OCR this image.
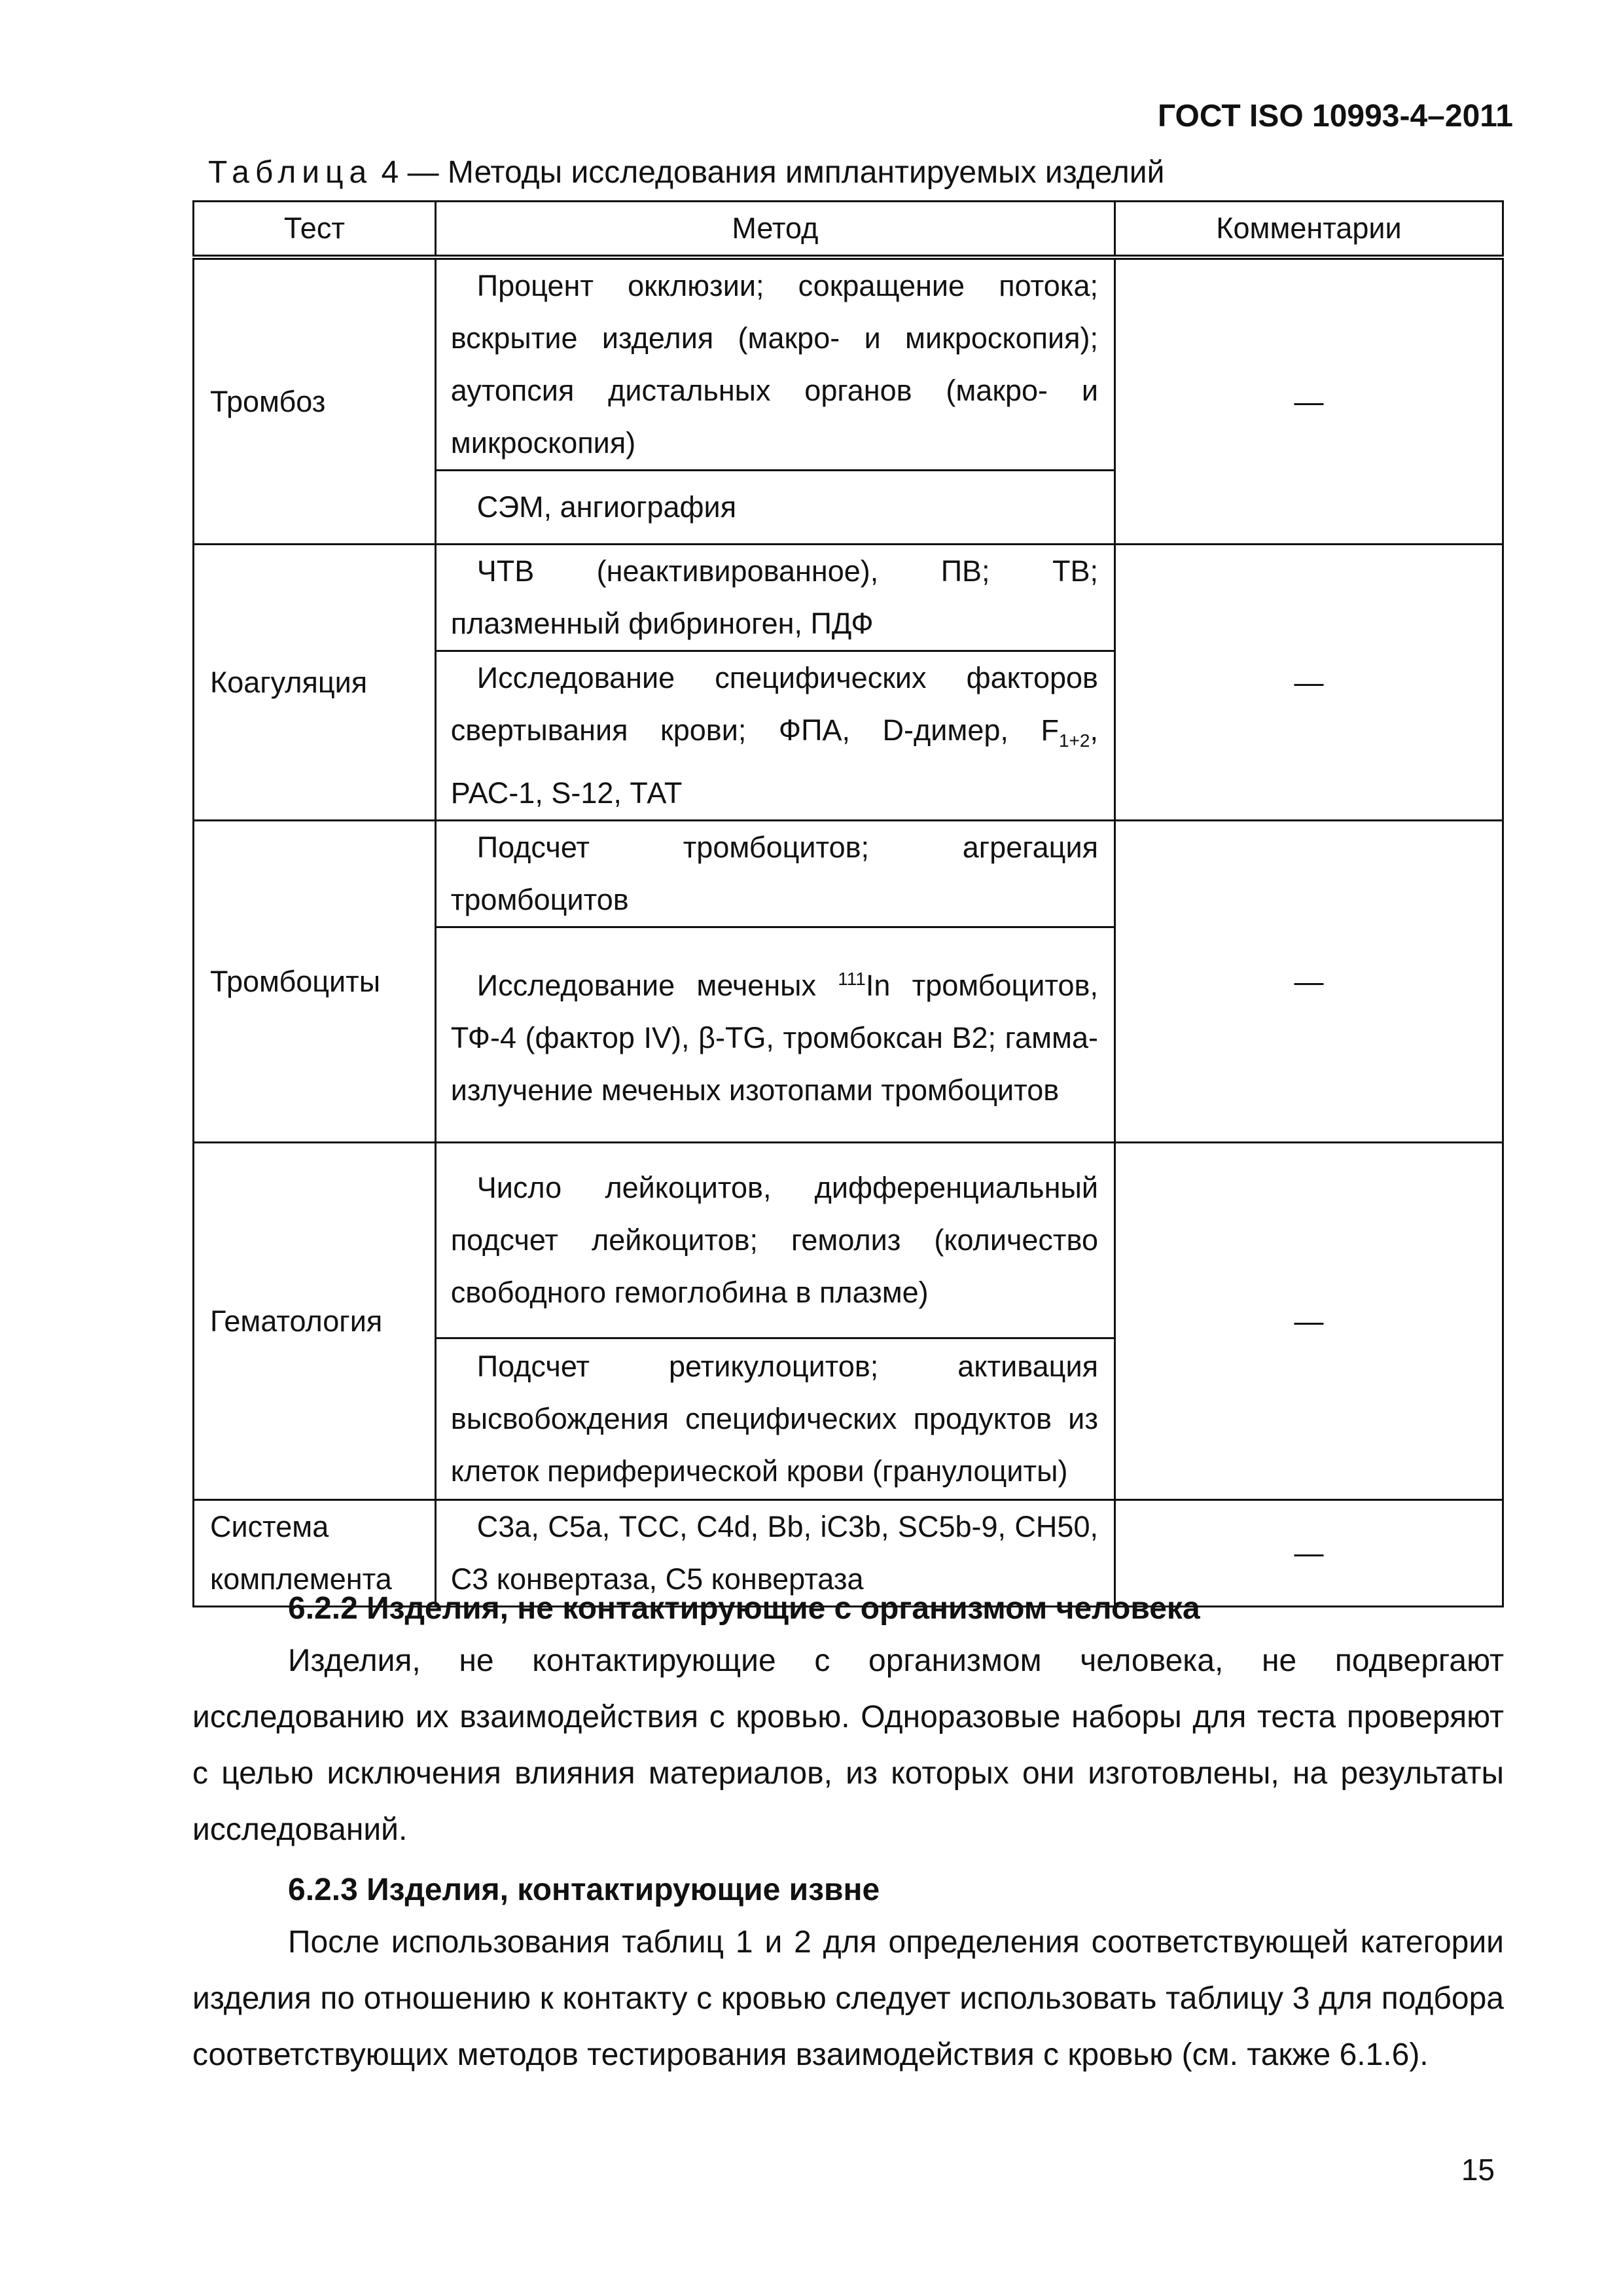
ГОСТ ISO 10993-4–2011
Таблица 4 — Методы исследования имплантируемых изделий
Тест	Метод	Комментарии
Тромбоз	Процент окклюзии; сокращение потока; вскрытие изделия (макро- и микроскопия); аутопсия дистальных органов (макро- и микроскопия)	—
	СЭМ, ангиография	
Коагуляция	ЧТВ (неактивированное), ПВ; ТВ; плазменный фибриноген, ПДФ	—
	Исследование специфических факторов свертывания крови; ФПА, D-димер, $F_{1+2}$, РАС-1, S-12, ТАТ	
Тромбоциты	Подсчет тромбоцитов; агрегация тромбоцитов	—
	Исследование меченых $^{111}$In тромбоцитов, ТФ-4 (фактор IV), β-TG, тромбоксан В2; гамма-излучение меченых изотопами тромбоцитов	
Гематология	Число лейкоцитов, дифференциальный подсчет лейкоцитов; гемолиз (количество свободного гемоглобина в плазме)	—
	Подсчет ретикулоцитов; активация высвобождения специфических продуктов из клеток периферической крови (гранулоциты)	
Система
комплемента	С3а, С5а, ТСС, С4d, Bb, iC3b, SC5b-9, CH50, С3 конвертаза, С5 конвертаза	—
6.2.2 Изделия, не контактирующие с организмом человека
Изделия, не контактирующие с организмом человека, не подвергают исследованию их взаимодействия с кровью. Одноразовые наборы для теста проверяют с целью исключения влияния материалов, из которых они изготовлены, на результаты исследований.
6.2.3 Изделия, контактирующие извне
После использования таблиц 1 и 2 для определения соответствующей категории изделия по отношению к контакту с кровью следует использовать таблицу 3 для подбора соответствующих методов тестирования взаимодействия с кровью (см. также 6.1.6).
15
